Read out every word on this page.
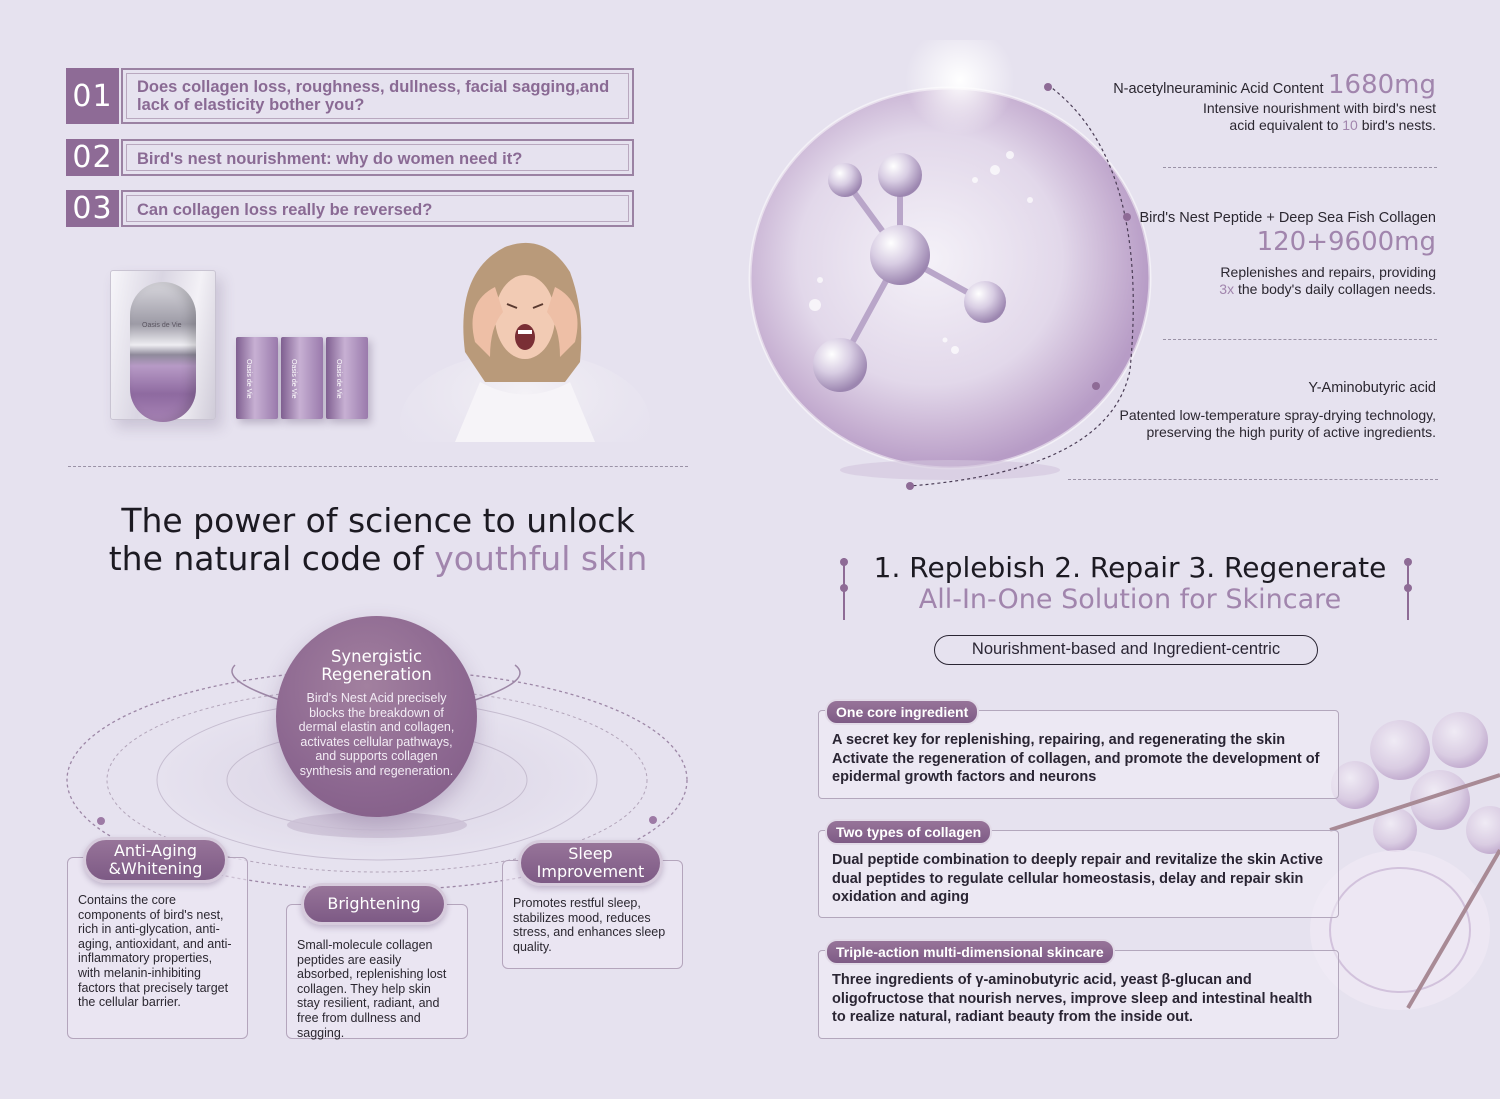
01	Does collagen loss, roughness, dullness, facial sagging,and lack of elasticity bother you?
02	Bird's nest nourishment: why do women need it?
03	Can collagen loss really be reversed?
Oasis de Vie
Oasis de Vie	Oasis de Vie	Oasis de Vie
The power of science to unlock
the natural code of youthful skin
Synergistic Regeneration
Bird's Nest Acid precisely blocks the breakdown of dermal elastin and collagen, activates cellular pathways, and supports collagen synthesis and regeneration.
Contains the core components of bird's nest, rich in anti-glycation, anti-aging, antioxidant, and anti-inflammatory properties, with melanin-inhibiting factors that precisely target the cellular barrier.
Anti-Aging &Whitening
Small-molecule collagen peptides are easily absorbed, replenishing lost collagen. They help skin stay resilient, radiant, and free from dullness and sagging.
Brightening	Promotes restful sleep, stabilizes mood, reduces stress, and enhances sleep quality.
Sleep Improvement
N-acetylneuraminic Acid Content 1680mg
Intensive nourishment with bird's nest
acid equivalent to 10 bird's nests.
Bird's Nest Peptide + Deep Sea Fish Collagen
120+9600mg
Replenishes and repairs, providing
3x the body's daily collagen needs.
Y-Aminobutyric acid
Patented low-temperature spray-drying technology,
preserving the high purity of active ingredients.
1. Replebish 2. Repair 3. Regenerate
All-In-One Solution for Skincare
Nourishment-based and Ingredient-centric
A secret key for replenishing, repairing, and regenerating the skin Activate the regeneration of collagen, and promote the development of epidermal growth factors and neurons
One core ingredient
Dual peptide combination to deeply repair and revitalize the skin Active dual peptides to regulate cellular homeostasis, delay and repair skin oxidation and aging
Two types of collagen
Three ingredients of γ-aminobutyric acid, yeast β-glucan and oligofructose that nourish nerves, improve sleep and intestinal health to realize natural, radiant beauty from the inside out.
Triple-action multi-dimensional skincare
